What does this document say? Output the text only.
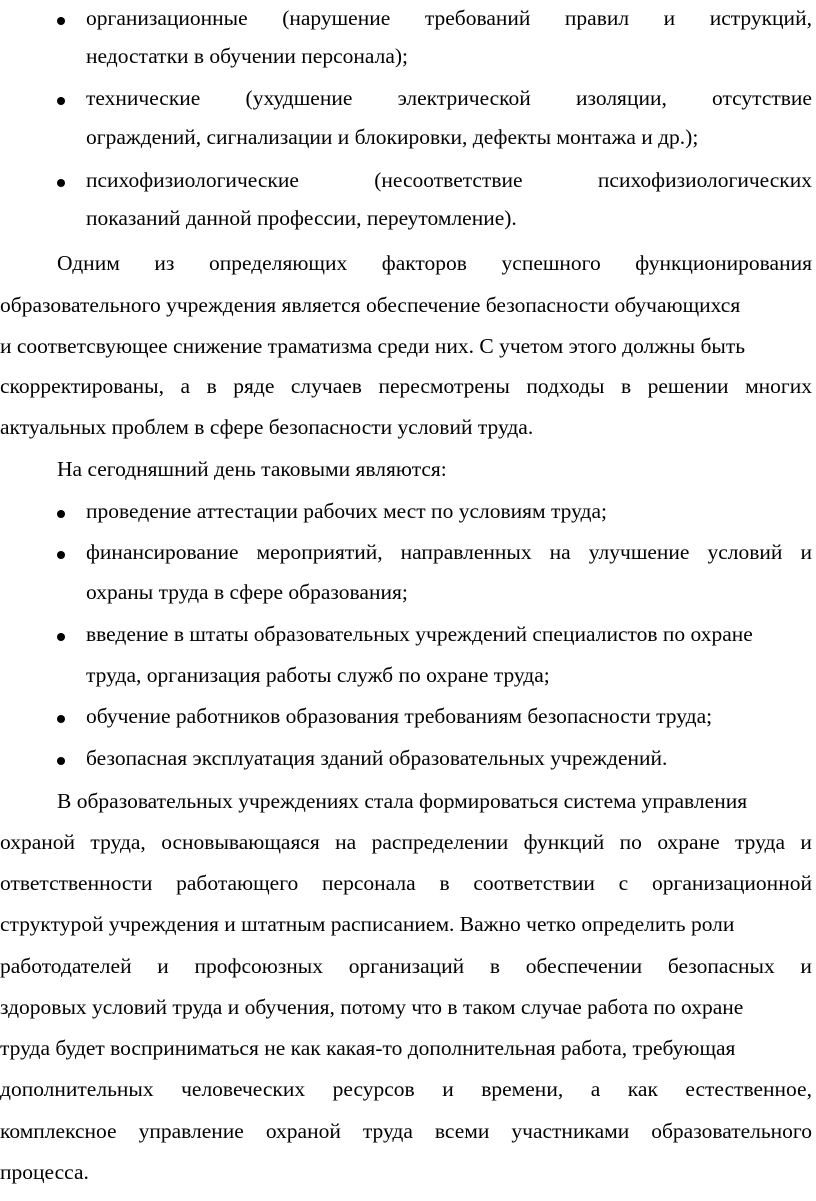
организационные (нарушение требований правил и иструкций,
недостатки в обучении персонала);
технические (ухудшение электрической изоляции, отсутствие
ограждений, сигнализации и блокировки, дефекты монтажа и др.);
психофизиологические	(несоответствие	психофизиологических
показаний данной профессии, переутомление).
Одним из определяющих факторов успешного функционирования
образовательного учреждения является обеспечение безопасности обучающихся
и соответсвующее снижение траматизма среди них. С учетом этого должны быть
скорректированы, а в ряде случаев пересмотрены подходы в решении многих
актуальных проблем в сфере безопасности условий труда.
На сегодняшний день таковыми являются:
проведение аттестации рабочих мест по условиям труда;
финансирование мероприятий, направленных на улучшение условий и
охраны труда в сфере образования;
введение в штаты образовательных учреждений специалистов по охране
труда, организация работы служб по охране труда;
обучение работников образования требованиям безопасности труда;
безопасная эксплуатация зданий образовательных учреждений.
В образовательных учреждениях стала формироваться система управления
охраной труда, основывающаяся на распределении функций по охране труда и
ответственности работающего персонала в соответствии с организационной
структурой учреждения и штатным расписанием. Важно четко определить роли
работодателей и профсоюзных организаций в обеспечении безопасных и
здоровых условий труда и обучения, потому что в таком случае работа по охране
труда будет восприниматься не как какая-то дополнительная работа, требующая
дополнительных человеческих ресурсов и времени, а как естественное,
комплексное управление охраной труда всеми участниками образовательного
процесса.
